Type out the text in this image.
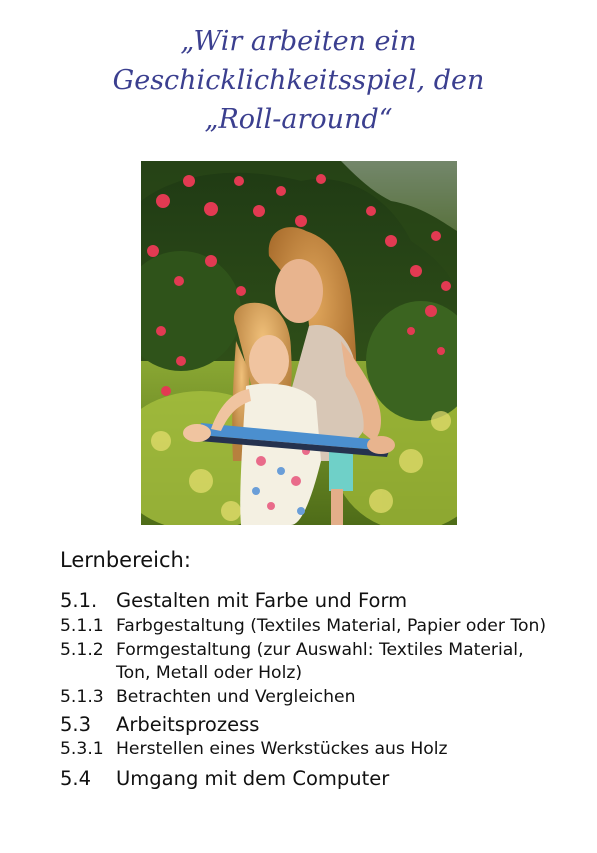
„Wir arbeiten ein
Geschicklichkeitsspiel, den
„Roll-around“
Lernbereich:
5.1. Gestalten mit Farbe und Form
5.1.1 Farbgestaltung (Textiles Material, Papier oder Ton)
5.1.2 Formgestaltung (zur Auswahl: Textiles Material, Ton, Metall oder Holz)
5.1.3 Betrachten und Vergleichen
5.3	Arbeitsprozess
5.3.1 Herstellen eines Werkstückes aus Holz
5.4	Umgang mit dem Computer
